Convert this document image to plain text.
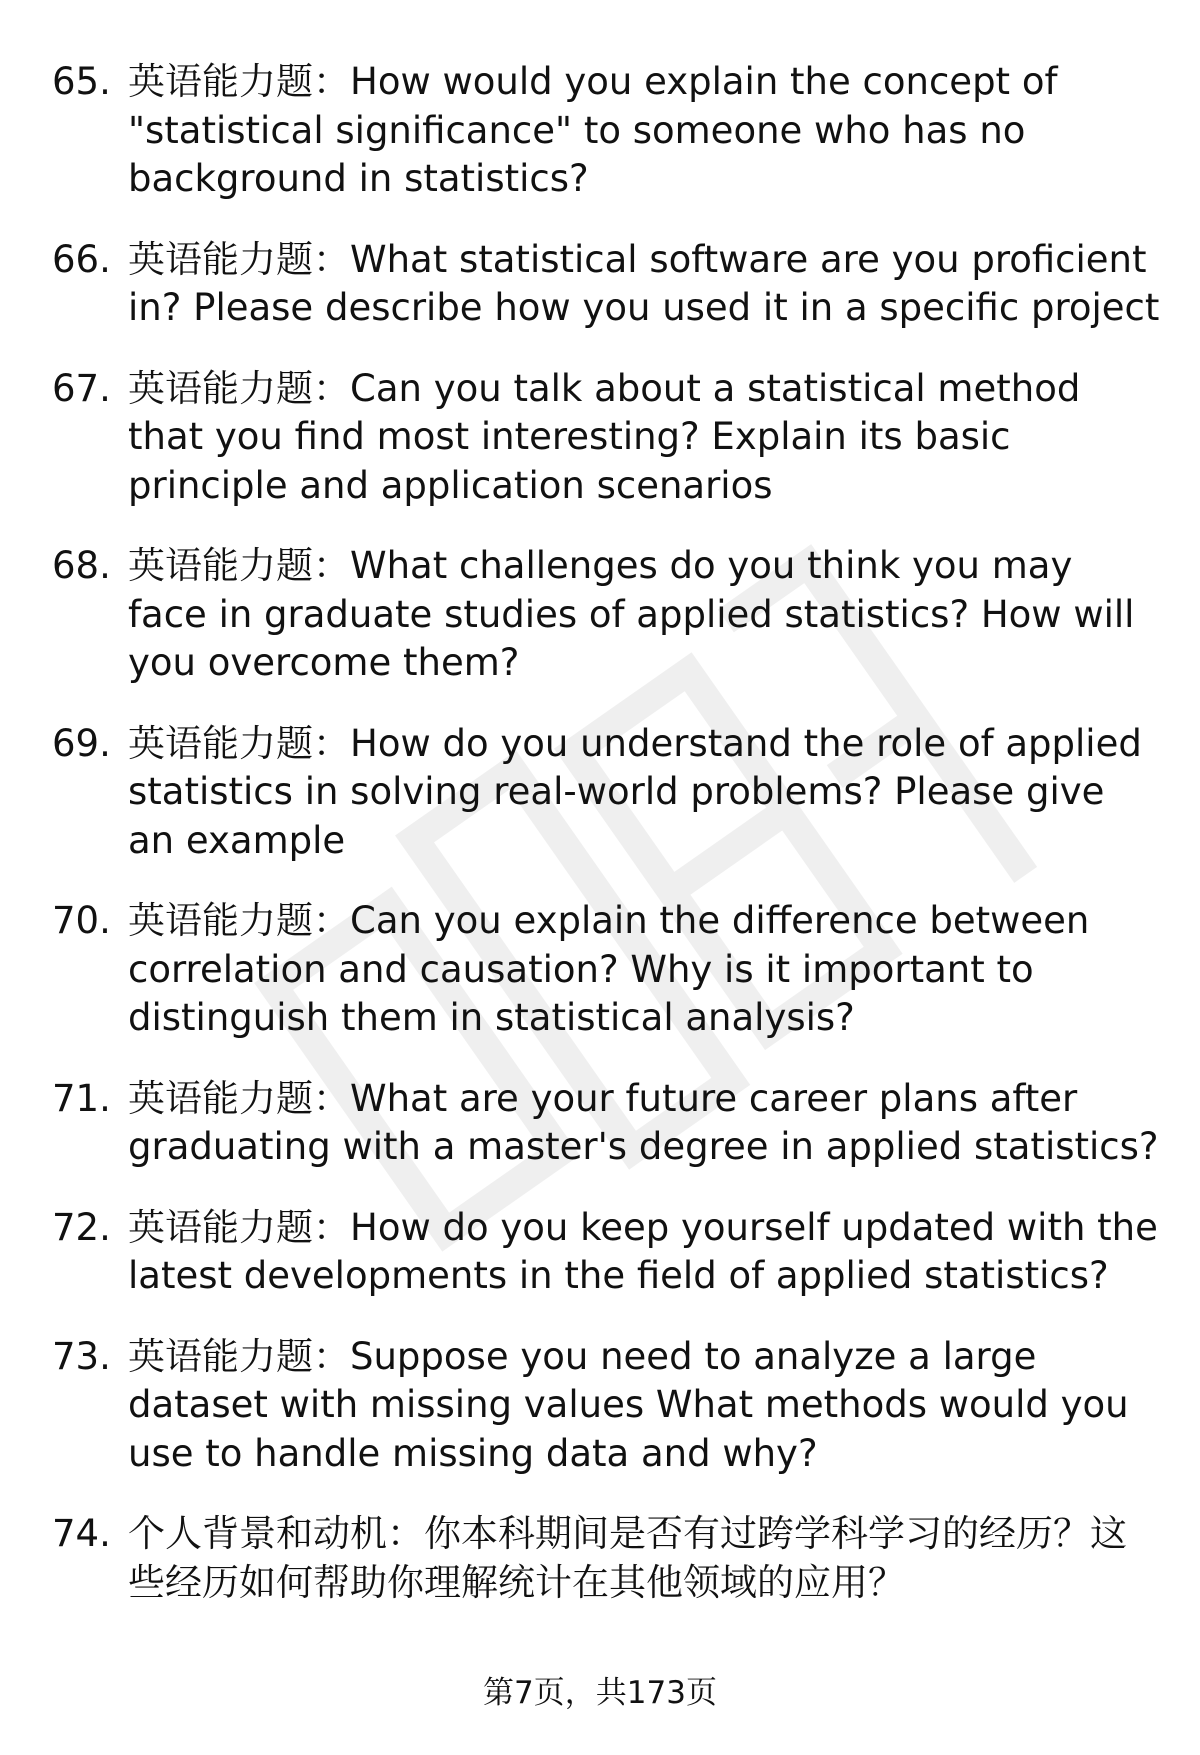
65. 英语能力题：How would you explain the concept of "statistical significance" to someone who has no background in statistics?
66. 英语能力题：What statistical software are you proficient in? Please describe how you used it in a specific project
67. 英语能力题：Can you talk about a statistical method that you find most interesting? Explain its basic principle and application scenarios
68. 英语能力题：What challenges do you think you may face in graduate studies of applied statistics? How will you overcome them?
69. 英语能力题：How do you understand the role of applied statistics in solving real-world problems? Please give an example
70. 英语能力题：Can you explain the difference between correlation and causation? Why is it important to distinguish them in statistical analysis?
71. 英语能力题：What are your future career plans after graduating with a master's degree in applied statistics?
72. 英语能力题：How do you keep yourself updated with the latest developments in the field of applied statistics?
73. 英语能力题：Suppose you need to analyze a large dataset with missing values What methods would you use to handle missing data and why?
74. 个人背景和动机：你本科期间是否有过跨学科学习的经历？这些经历如何帮助你理解统计在其他领域的应用？
第7页，共173页
